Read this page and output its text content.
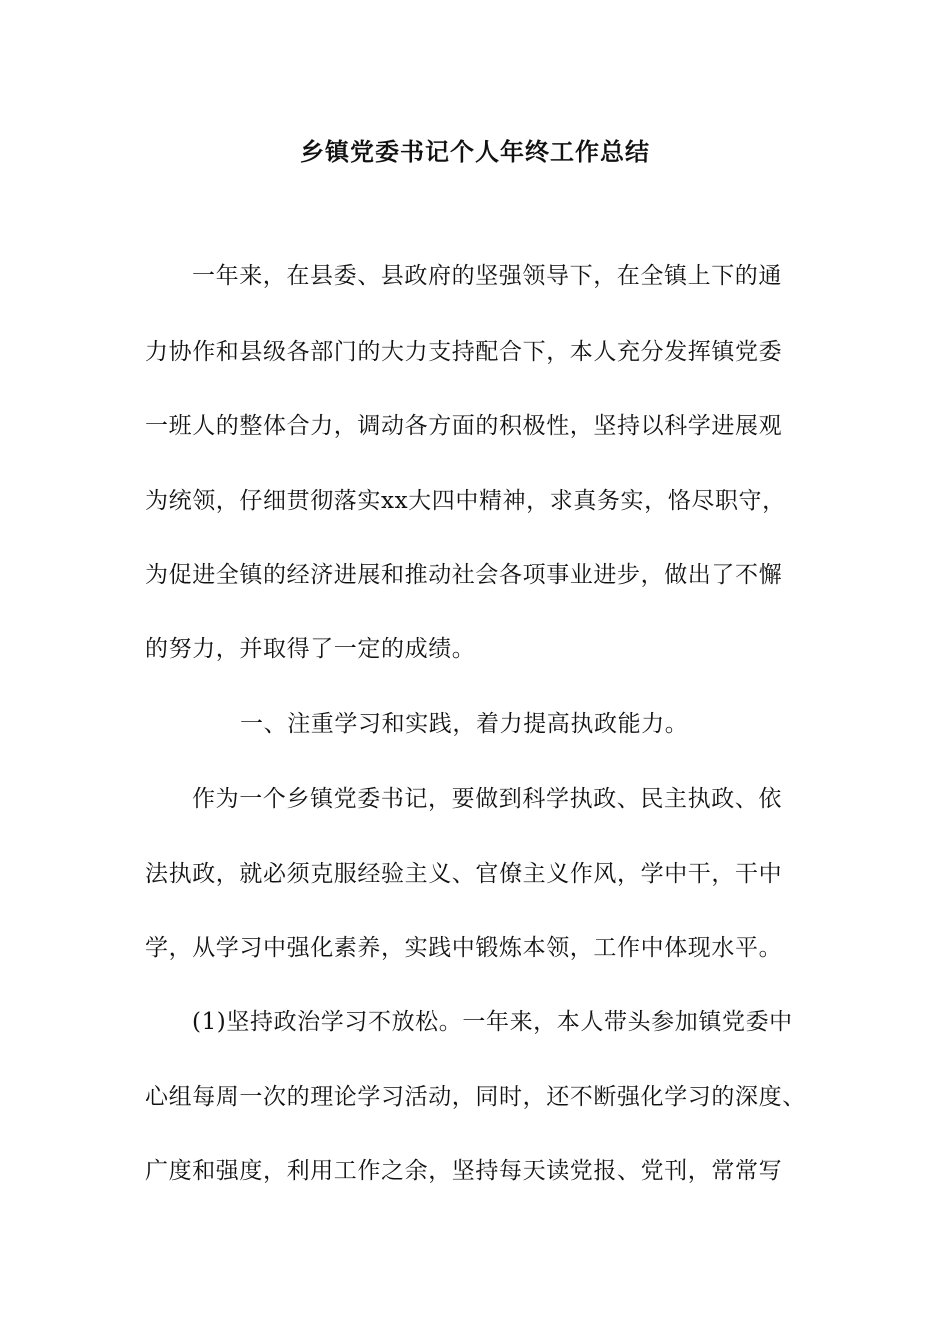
乡镇党委书记个人年终工作总结
一年来，在县委、县政府的坚强领导下，在全镇上下的通
力协作和县级各部门的大力支持配合下，本人充分发挥镇党委
一班人的整体合力，调动各方面的积极性，坚持以科学进展观
为统领，仔细贯彻落实xx大四中精神，求真务实，恪尽职守，
为促进全镇的经济进展和推动社会各项事业进步，做出了不懈
的努力，并取得了一定的成绩。
一、注重学习和实践，着力提高执政能力。
作为一个乡镇党委书记，要做到科学执政、民主执政、依
法执政，就必须克服经验主义、官僚主义作风，学中干，干中
学，从学习中强化素养，实践中锻炼本领，工作中体现水平。
(1)坚持政治学习不放松。一年来，本人带头参加镇党委中
心组每周一次的理论学习活动，同时，还不断强化学习的深度、
广度和强度，利用工作之余，坚持每天读党报、党刊，常常写
